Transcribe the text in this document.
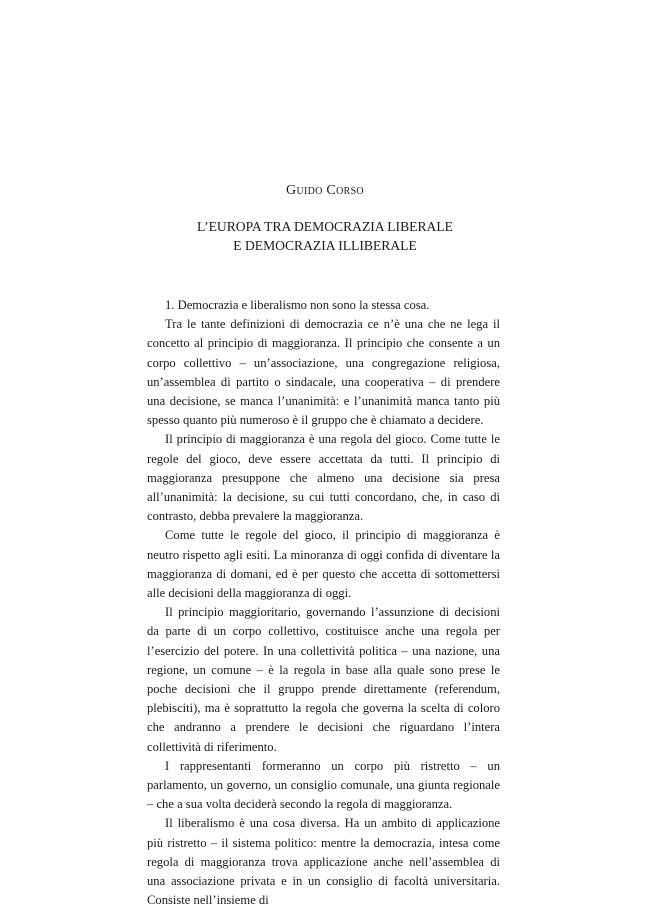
Guido Corso
L’EUROPA TRA DEMOCRAZIA LIBERALE
E DEMOCRAZIA ILLIBERALE

1. Democrazia e liberalismo non sono la stessa cosa.

Tra le tante definizioni di democrazia ce n’è una che ne lega il concetto al principio di maggioranza. Il principio che consente a un corpo collettivo – un’associazione, una congregazione religiosa, un’assemblea di partito o sindacale, una cooperativa – di prendere una decisione, se manca l’unanimità: e l’unanimità manca tanto più spesso quanto più numeroso è il gruppo che è chiamato a decidere.

Il principio di maggioranza è una regola del gioco. Come tutte le regole del gioco, deve essere accettata da tutti. Il principio di maggioranza presuppone che almeno una decisione sia presa all’unanimità: la decisione, su cui tutti concordano, che, in caso di contrasto, debba prevalere la maggioranza.

Come tutte le regole del gioco, il principio di maggioranza è neutro rispetto agli esiti. La minoranza di oggi confida di diventare la maggioranza di domani, ed è per questo che accetta di sottomettersi alle decisioni della maggioranza di oggi.

Il principio maggioritario, governando l’assunzione di decisioni da parte di un corpo collettivo, costituisce anche una regola per l’esercizio del potere. In una collettività politica – una nazione, una regione, un comune – è la regola in base alla quale sono prese le poche decisioni che il gruppo prende direttamente (referendum, plebisciti), ma è soprattutto la regola che governa la scelta di coloro che andranno a prendere le decisioni che riguardano l’intera collettività di riferimento.

I rappresentanti formeranno un corpo più ristretto – un parlamento, un governo, un consiglio comunale, una giunta regionale – che a sua volta deciderà secondo la regola di maggioranza.

Il liberalismo è una cosa diversa. Ha un ambito di applicazione più ristretto – il sistema politico: mentre la democrazia, intesa come regola di maggioranza trova applicazione anche nell’assemblea di una associazione privata e in un consiglio di facoltà universitaria. Consiste nell’insieme di
